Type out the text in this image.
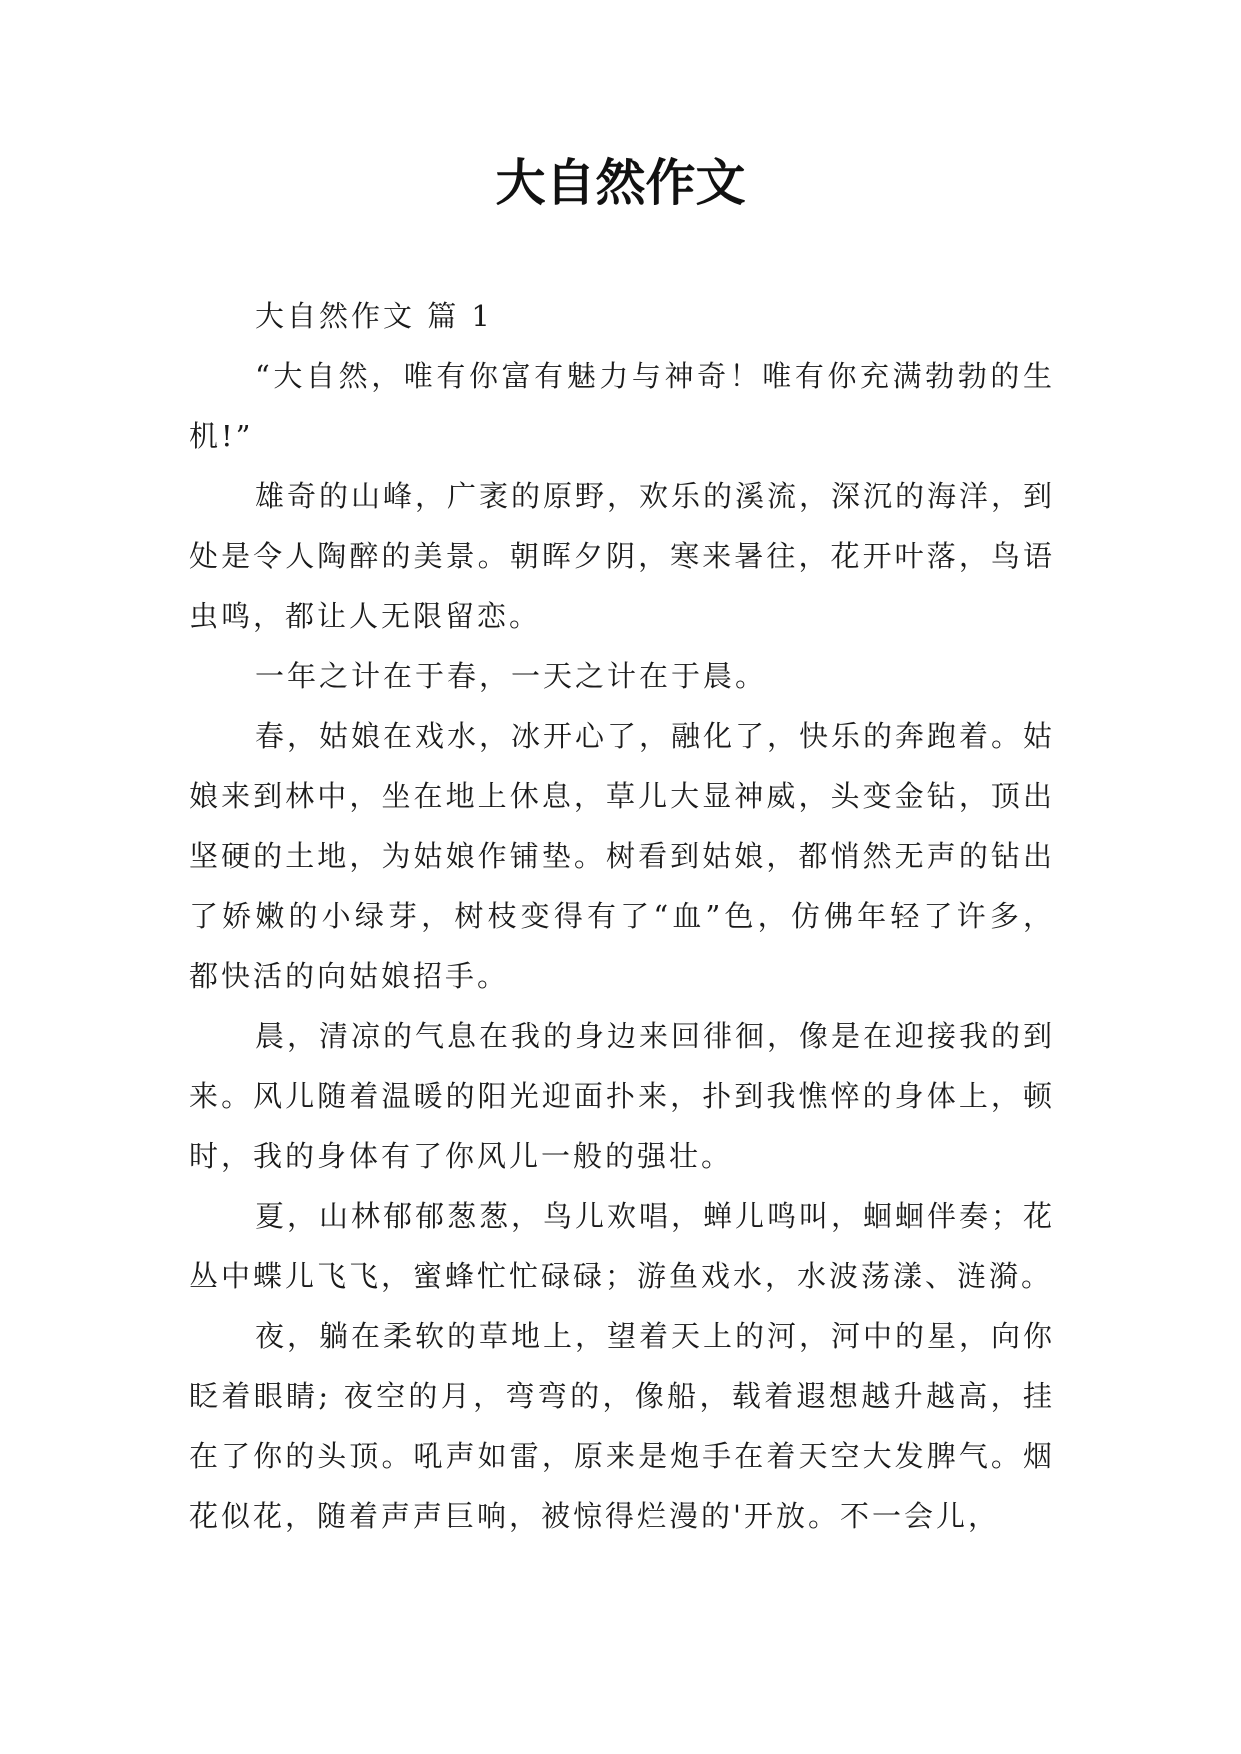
大自然作文

大自然作文 篇 1

“大自然，唯有你富有魅力与神奇！唯有你充满勃勃的生机!”

雄奇的山峰，广袤的原野，欢乐的溪流，深沉的海洋，到处是令人陶醉的美景。朝晖夕阴，寒来暑往，花开叶落，鸟语虫鸣，都让人无限留恋。

一年之计在于春，一天之计在于晨。

春，姑娘在戏水，冰开心了，融化了，快乐的奔跑着。姑娘来到林中，坐在地上休息，草儿大显神威，头变金钻，顶出坚硬的土地，为姑娘作铺垫。树看到姑娘，都悄然无声的钻出了娇嫩的小绿芽，树枝变得有了“血”色，仿佛年轻了许多，都快活的向姑娘招手。

晨，清凉的气息在我的身边来回徘徊，像是在迎接我的到来。风儿随着温暖的阳光迎面扑来，扑到我憔悴的身体上，顿时，我的身体有了你风儿一般的强壮。

夏，山林郁郁葱葱，鸟儿欢唱，蝉儿鸣叫，蛔蛔伴奏；花丛中蝶儿飞飞，蜜蜂忙忙碌碌；游鱼戏水，水波荡漾、涟漪。

夜，躺在柔软的草地上，望着天上的河，河中的星，向你眨着眼睛; 夜空的月，弯弯的，像船，载着遐想越升越高，挂在了你的头顶。吼声如雷，原来是炮手在着天空大发脾气。烟花似花，随着声声巨响，被惊得烂漫的'开放。不一会儿，
